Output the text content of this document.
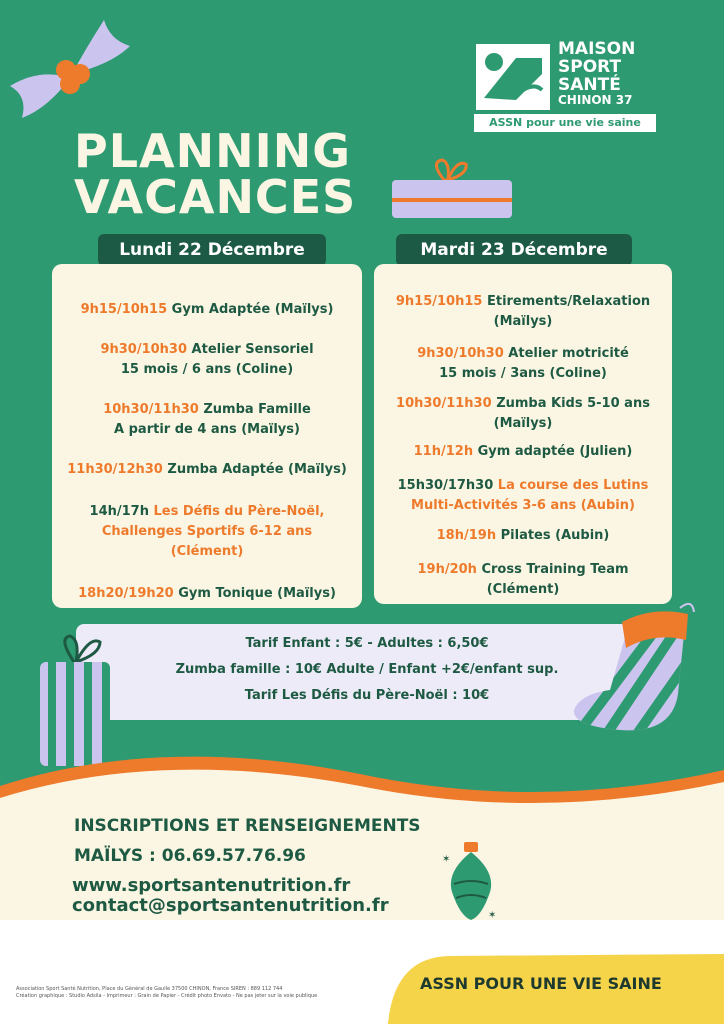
MAISON
SPORT
SANTÉ
CHINON 37
ASSN pour une vie saine
PLANNING
VACANCES
Lundi 22 Décembre	Mardi 23 Décembre
9h15/10h15 Gym Adaptée (Maïlys)
9h30/10h30 Atelier Sensoriel
15 mois / 6 ans (Coline)
10h30/11h30 Zumba Famille
A partir de 4 ans (Maïlys)
11h30/12h30 Zumba Adaptée (Maïlys)
14h/17h Les Défis du Père-Noël,
Challenges Sportifs 6-12 ans
(Clément)
18h20/19h20 Gym Tonique (Maïlys)
9h15/10h15 Etirements/Relaxation
(Maïlys)
9h30/10h30 Atelier motricité
15 mois / 3ans (Coline)
10h30/11h30 Zumba Kids 5-10 ans
(Maïlys)
11h/12h Gym adaptée (Julien)
15h30/17h30 La course des Lutins
Multi-Activités 3-6 ans (Aubin)
18h/19h Pilates (Aubin)
19h/20h Cross Training Team
(Clément)
Tarif Enfant : 5€ - Adultes : 6,50€
Zumba famille : 10€ Adulte / Enfant +2€/enfant sup.
Tarif Les Défis du Père-Noël : 10€
✶
✶
INSCRIPTIONS ET RENSEIGNEMENTS
MAÏLYS : 06.69.57.76.96
www.sportsantenutrition.fr
contact@sportsantenutrition.fr
Association Sport Santé Nutrition, Place du Général de Gaulle 37500 CHINON, France SIREN : 889 112 744
Création graphique : Studio Adsila - Imprimeur : Grain de Papier - Crédit photo Envato - Ne pas jeter sur la voie publique
ASSN POUR UNE VIE SAINE
